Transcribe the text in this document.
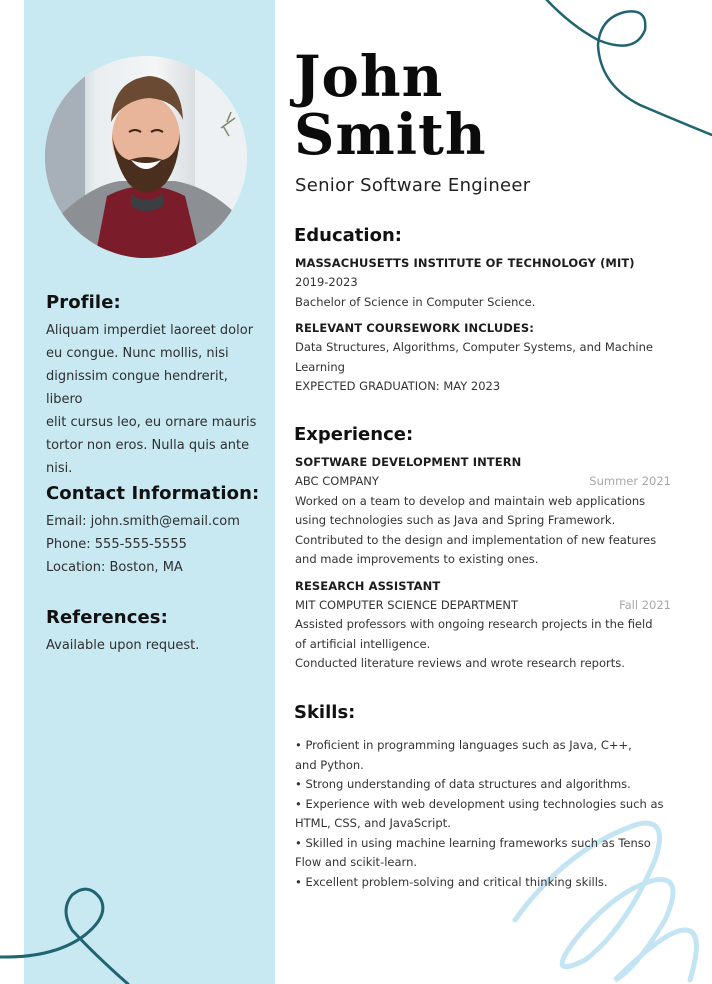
Profile:
Aliquam imperdiet laoreet dolor
eu congue. Nunc mollis, nisi
dignissim congue hendrerit, libero
elit cursus leo, eu ornare mauris
tortor non eros. Nulla quis ante
nisi.
Contact Information:
Email: john.smith@email.com
Phone: 555-555-5555
Location: Boston, MA
References:
Available upon request.
John
Smith
Senior Software Engineer
Education:
MASSACHUSETTS INSTITUTE OF TECHNOLOGY (MIT)
2019-2023
Bachelor of Science in Computer Science.
RELEVANT COURSEWORK INCLUDES:
Data Structures, Algorithms, Computer Systems, and Machine
Learning
EXPECTED GRADUATION: MAY 2023
Experience:
SOFTWARE DEVELOPMENT INTERN
ABC COMPANY	Summer 2021
Worked on a team to develop and maintain web applications
using technologies such as Java and Spring Framework.
Contributed to the design and implementation of new features
and made improvements to existing ones.
RESEARCH ASSISTANT
MIT COMPUTER SCIENCE DEPARTMENT	Fall 2021
Assisted professors with ongoing research projects in the field
of artificial intelligence.
Conducted literature reviews and wrote research reports.
Skills:
• Proficient in programming languages such as Java, C++,
and Python.
• Strong understanding of data structures and algorithms.
• Experience with web development using technologies such as
HTML, CSS, and JavaScript.
• Skilled in using machine learning frameworks such as Tenso
Flow and scikit-learn.
• Excellent problem-solving and critical thinking skills.
